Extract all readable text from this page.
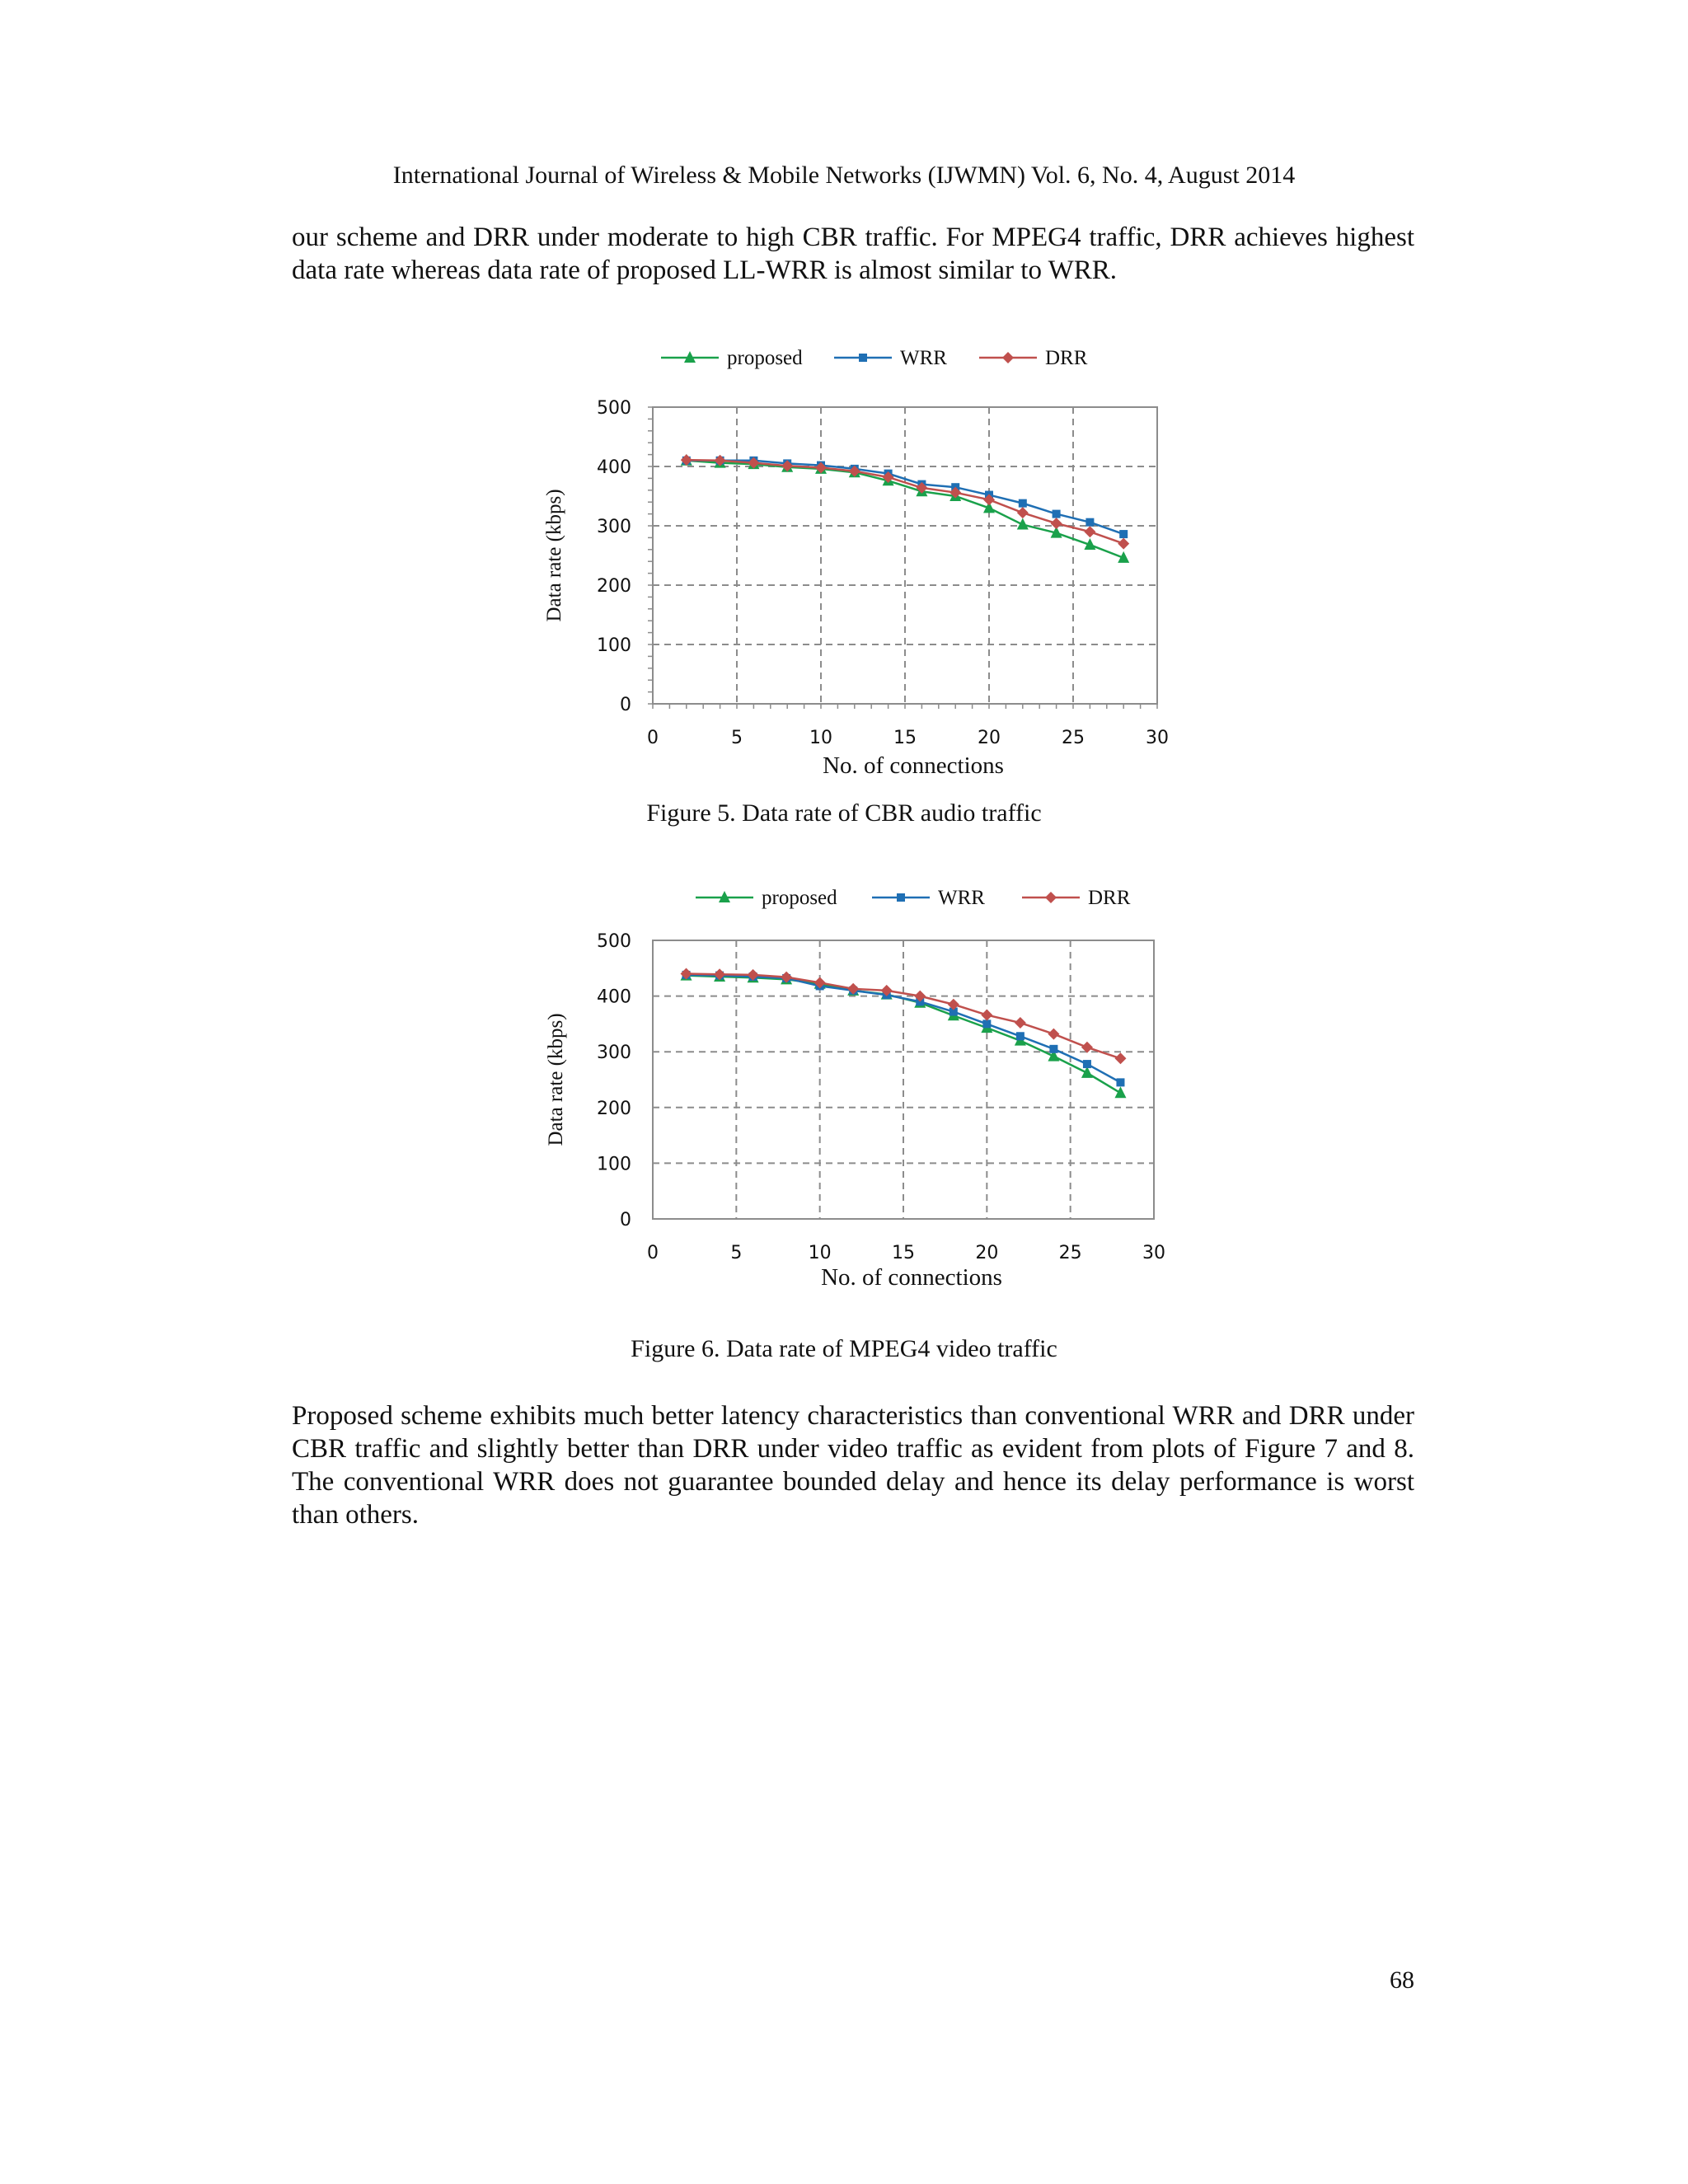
International Journal of Wireless & Mobile Networks (IJWMN) Vol. 6, No. 4, August 2014

our scheme and DRR under moderate to high CBR traffic. For MPEG4 traffic, DRR achieves highest data rate whereas data rate of proposed LL-WRR is almost similar to WRR.

0
100
200
300
400
500
0	5	10	15	20	25	30
No. of connections
Data rate (kbps)
proposed	WRR	DRR
Figure 5. Data rate of CBR audio traffic
0
100
200
300
400
500
0	5	10	15	20	25	30
No. of connections
Data rate (kbps)
proposed	WRR	DRR
Figure 6. Data rate of MPEG4 video traffic

Proposed scheme exhibits much better latency characteristics than conventional WRR and DRR under CBR traffic and slightly better than DRR under video traffic as evident from plots of Figure 7 and 8. The conventional WRR does not guarantee bounded delay and hence its delay performance is worst than others.

68
